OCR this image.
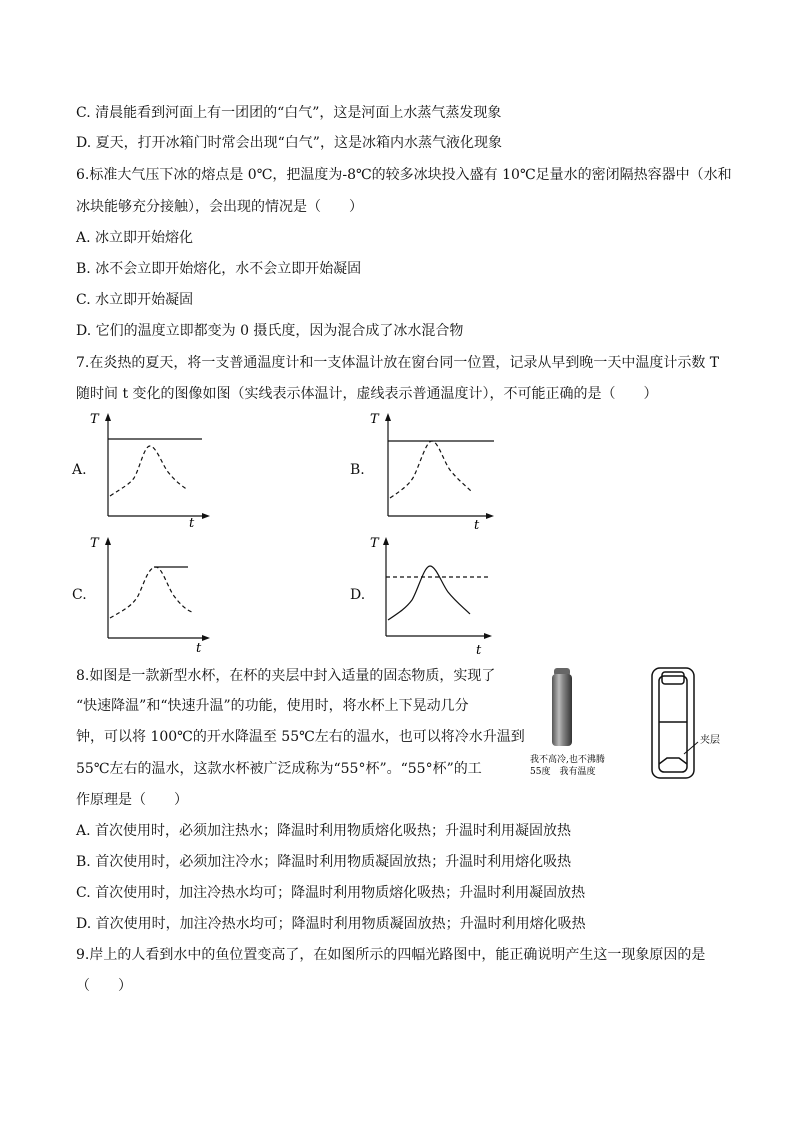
C. 清晨能看到河面上有一团团的“白气”，这是河面上水蒸气蒸发现象
D. 夏天，打开冰箱门时常会出现“白气”，这是冰箱内水蒸气液化现象
6.标准大气压下冰的熔点是 0℃，把温度为-8℃的较多冰块投入盛有 10℃足量水的密闭隔热容器中（水和
冰块能够充分接触），会出现的情况是（　　）
A. 冰立即开始熔化
B. 冰不会立即开始熔化，水不会立即开始凝固
C. 水立即开始凝固
D. 它们的温度立即都变为 0 摄氏度，因为混合成了冰水混合物
7.在炎热的夏天，将一支普通温度计和一支体温计放在窗台同一位置，记录从早到晚一天中温度计示数 T
随时间 t 变化的图像如图（实线表示体温计，虚线表示普通温度计），不可能正确的是（　　）
A.	B.
C.	D.
T
t
T
t
T
t
T
t
8.如图是一款新型水杯，在杯的夹层中封入适量的固态物质，实现了
“快速降温”和“快速升温”的功能，使用时，将水杯上下晃动几分
钟，可以将 100℃的开水降温至 55℃左右的温水，也可以将冷水升温到
55℃左右的温水，这款水杯被广泛成称为“55°杯”。“55°杯”的工
作原理是（　　）
我不高冷,也不沸腾
55度　我有温度
夹层
A. 首次使用时，必须加注热水；降温时利用物质熔化吸热；升温时利用凝固放热
B. 首次使用时，必须加注冷水；降温时利用物质凝固放热；升温时利用熔化吸热
C. 首次使用时，加注冷热水均可；降温时利用物质熔化吸热；升温时利用凝固放热
D. 首次使用时，加注冷热水均可；降温时利用物质凝固放热；升温时利用熔化吸热
9.岸上的人看到水中的鱼位置变高了，在如图所示的四幅光路图中，能正确说明产生这一现象原因的是
（　　）
